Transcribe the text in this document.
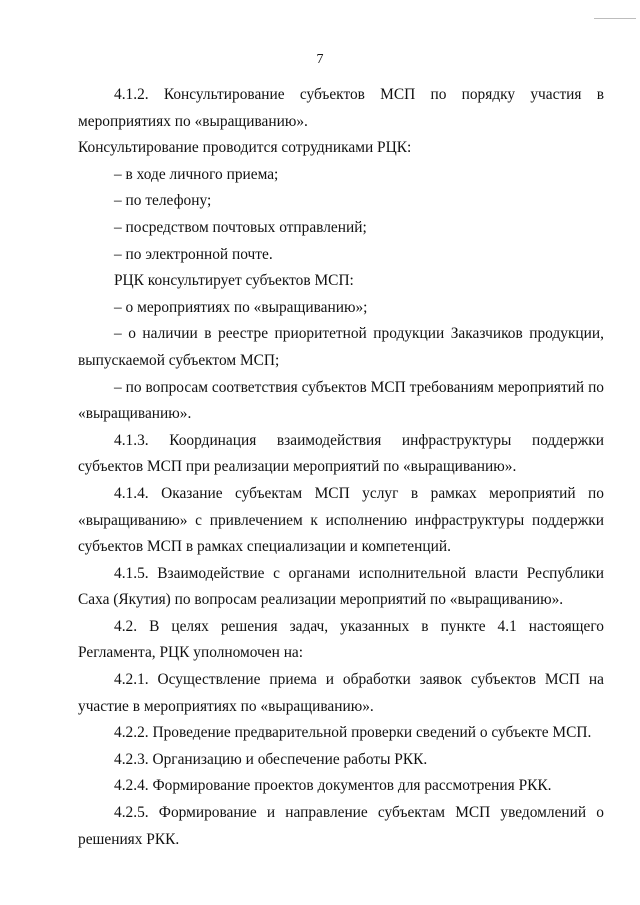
7

4.1.2. Консультирование субъектов МСП по порядку участия в

мероприятиях по «выращиванию».

Консультирование проводится сотрудниками РЦК:

– в ходе личного приема;

– по телефону;

– посредством почтовых отправлений;

– по электронной почте.

РЦК консультирует субъектов МСП:

– о мероприятиях по «выращиванию»;

– о наличии в реестре приоритетной продукции Заказчиков продукции, выпускаемой субъектом МСП;

– по вопросам соответствия субъектов МСП требованиям мероприятий по «выращиванию».

4.1.3. Координация взаимодействия инфраструктуры поддержки субъектов МСП при реализации мероприятий по «выращиванию».

4.1.4. Оказание субъектам МСП услуг в рамках мероприятий по «выращиванию» с привлечением к исполнению инфраструктуры поддержки субъектов МСП в рамках специализации и компетенций.

4.1.5. Взаимодействие с органами исполнительной власти Республики Саха (Якутия) по вопросам реализации мероприятий по «выращиванию».

4.2. В целях решения задач, указанных в пункте 4.1 настоящего Регламента, РЦК уполномочен на:

4.2.1. Осуществление приема и обработки заявок субъектов МСП на участие в мероприятиях по «выращиванию».

4.2.2. Проведение предварительной проверки сведений о субъекте МСП.

4.2.3. Организацию и обеспечение работы РКК.

4.2.4. Формирование проектов документов для рассмотрения РКК.

4.2.5. Формирование и направление субъектам МСП уведомлений о решениях РКК.
